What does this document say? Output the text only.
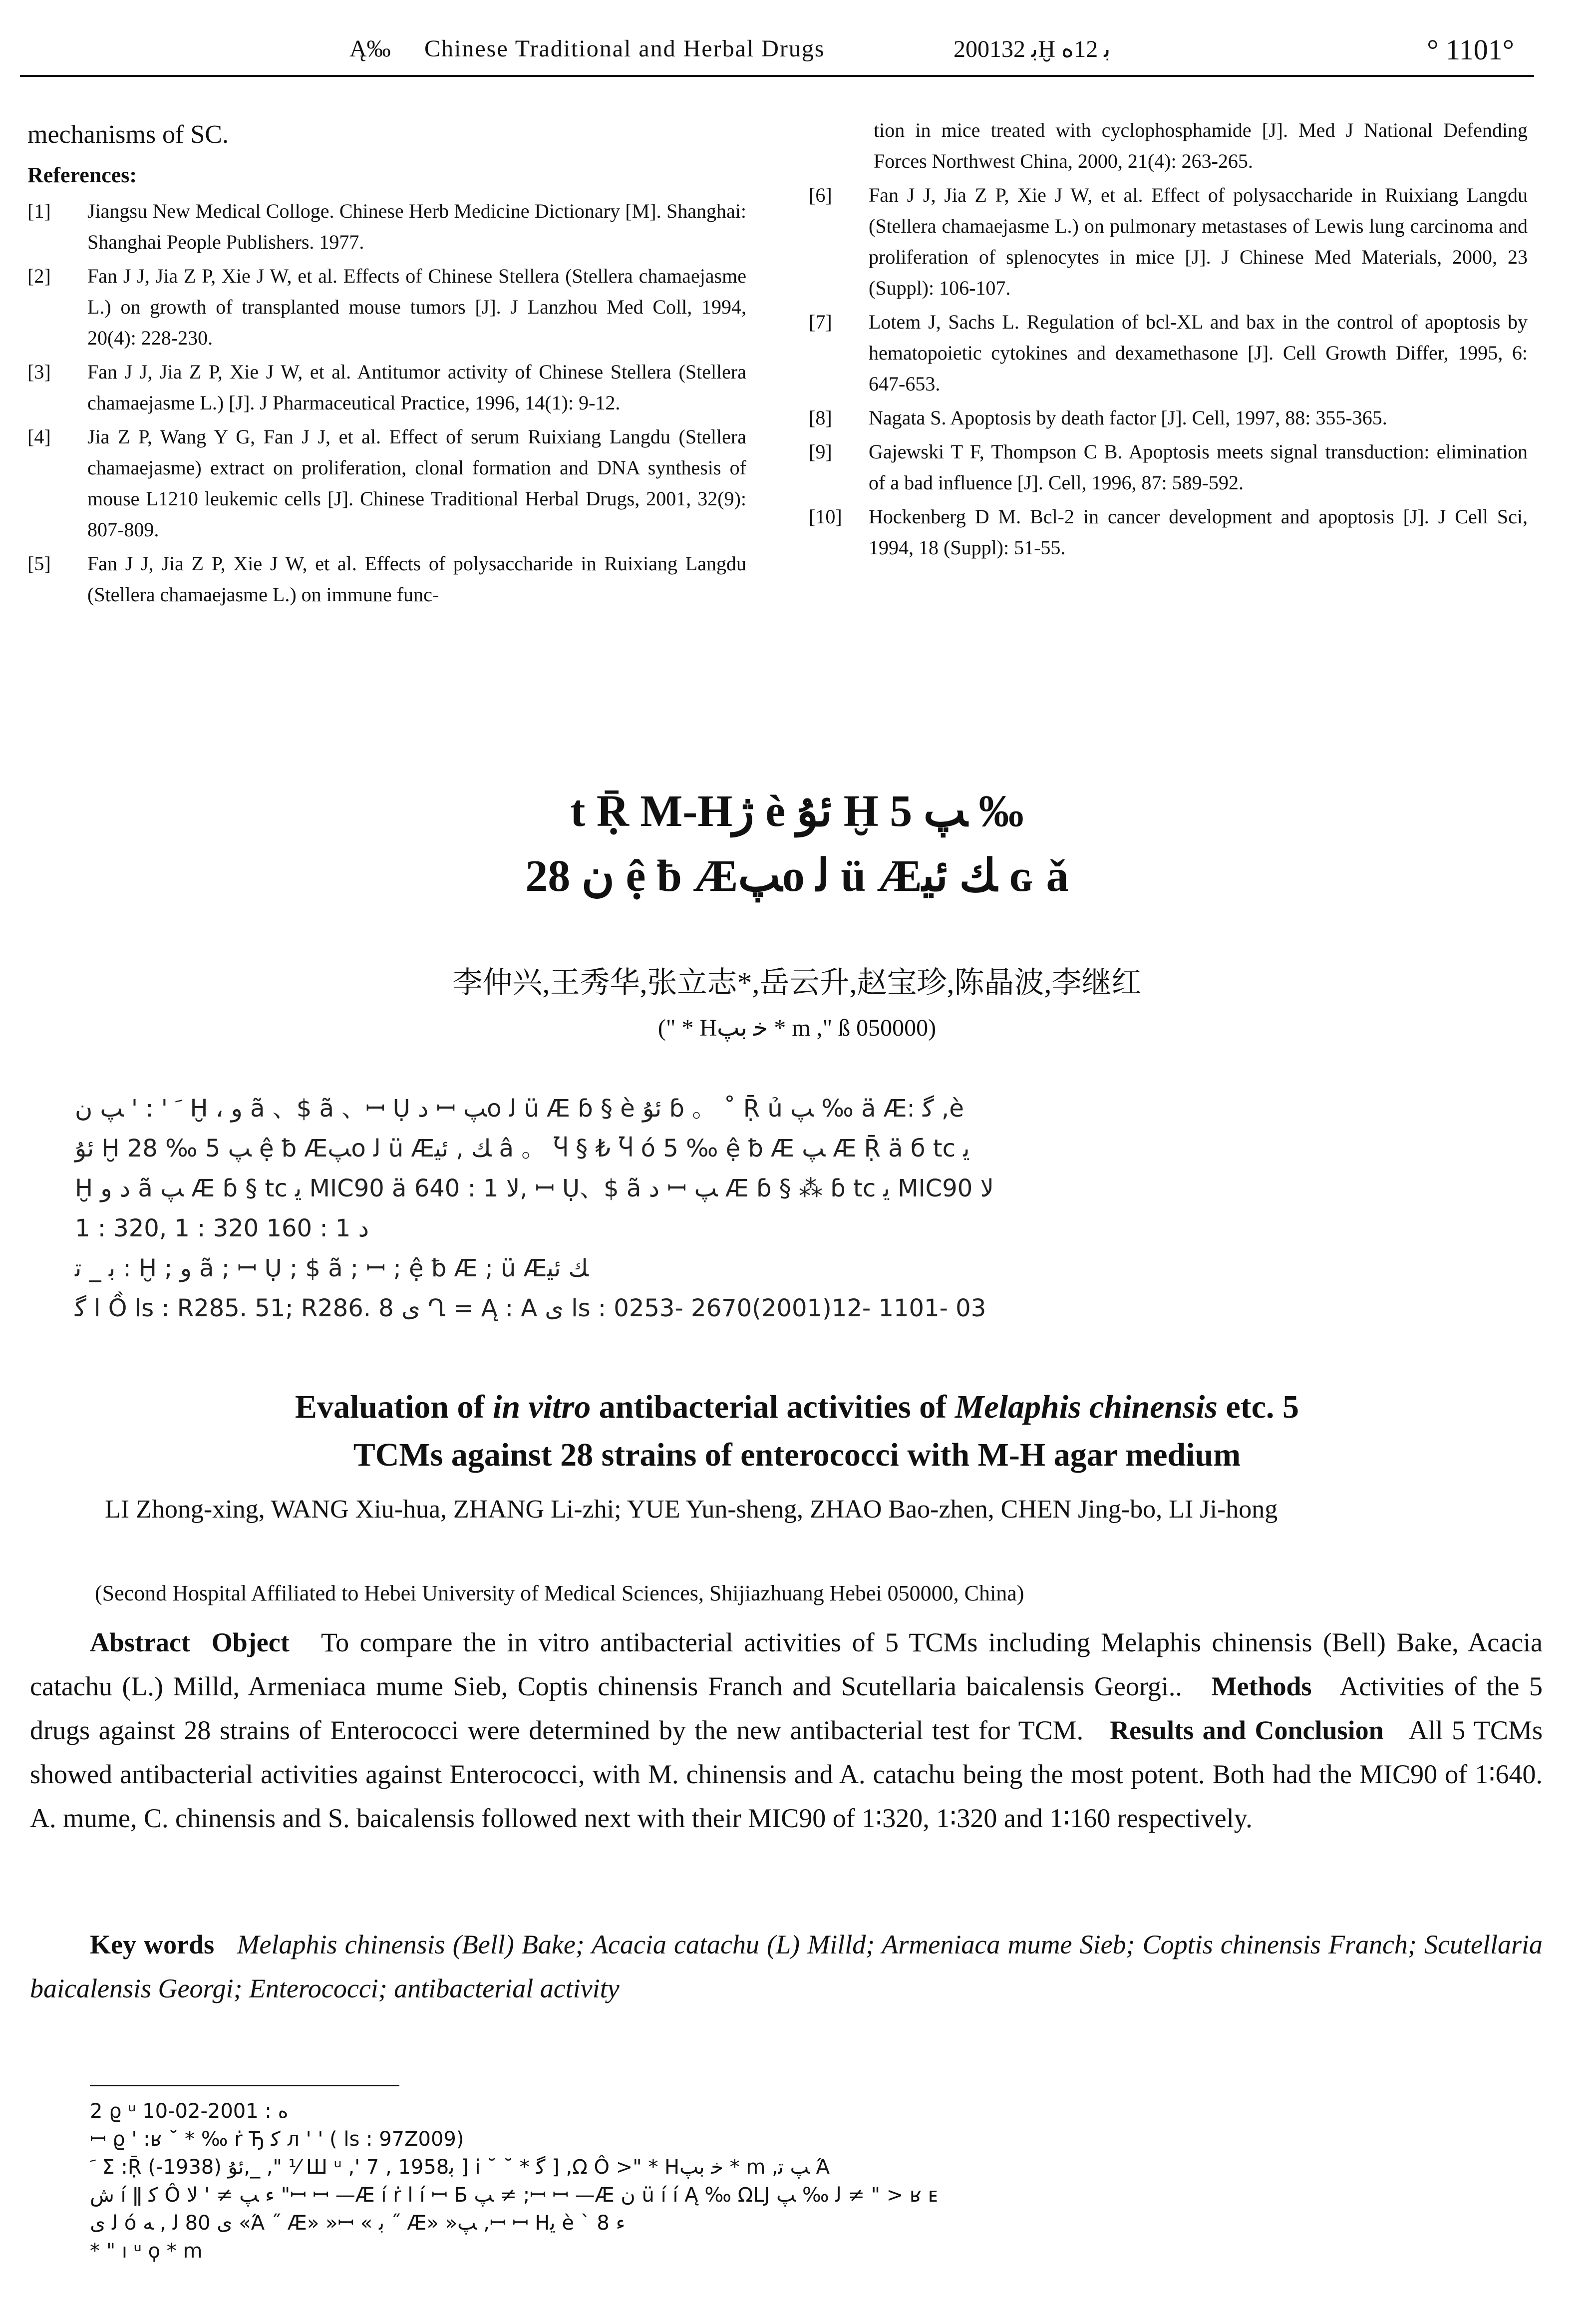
Ą‰ Chinese Traditional and Herbal Drugs	2001ﺑ 32Ḫ ﺑ 12ﻩ	° 1101°

mechanisms of SC.

References:
[1]	Jiangsu New Medical Colloge. Chinese Herb Medicine Dictionary [M]. Shanghai: Shanghai People Publishers. 1977.
[2]	Fan J J, Jia Z P, Xie J W, et al. Effects of Chinese Stellera (Stellera chamaejasme L.) on growth of transplanted mouse tumors [J]. J Lanzhou Med Coll, 1994, 20(4): 228-230.
[3]	Fan J J, Jia Z P, Xie J W, et al. Antitumor activity of Chinese Stellera (Stellera chamaejasme L.) [J]. J Pharmaceutical Practice, 1996, 14(1): 9-12.
[4]	Jia Z P, Wang Y G, Fan J J, et al. Effect of serum Ruixiang Langdu (Stellera chamaejasme) extract on proliferation, clonal formation and DNA synthesis of mouse L1210 leukemic cells [J]. Chinese Traditional Herbal Drugs, 2001, 32(9): 807-809.
[5]	Fan J J, Jia Z P, Xie J W, et al. Effects of polysaccharide in Ruixiang Langdu (Stellera chamaejasme L.) on immune func-

tion in mice treated with cyclophosphamide [J]. Med J National Defending Forces Northwest China, 2000, 21(4): 263-265.

[6]	Fan J J, Jia Z P, Xie J W, et al. Effect of polysaccharide in Ruixiang Langdu (Stellera chamaejasme L.) on pulmonary metastases of Lewis lung carcinoma and proliferation of splenocytes in mice [J]. J Chinese Med Materials, 2000, 23 (Suppl): 106-107.
[7]	Lotem J, Sachs L. Regulation of bcl-XL and bax in the control of apoptosis by hematopoietic cytokines and dexamethasone [J]. Cell Growth Differ, 1995, 6: 647-653.
[8]	Nagata S. Apoptosis by death factor [J]. Cell, 1997, 88: 355-365.
[9]	Gajewski T F, Thompson C B. Apoptosis meets signal transduction: elimination of a bad influence [J]. Cell, 1996, 87: 589-592.
[10]	Hockenberg D M. Bcl-2 in cancer development and apoptosis [J]. J Cell Sci, 1994, 18 (Suppl): 51-55.
t Ṝ M-Hﮊ è ﺋﯘ Ḫ ﭗ 5 ‰
ﻥ 28 ệ ƀ Æﭗo ﻟ ü Æﻚ ﺋﻴ ɢ ǎ
李仲兴,王秀华,张立志*,岳云升,赵宝珍,陈晶波,李继红
(" * Hﺧ ﺑﭗ * m ," ß 050000)
ﹶ ' : ' ﭗ ﻥ Ḫ ، ﻭ ã 、$ ã 、ꟷ Ụ ﺩ ꟷ ﭗo ﻟ ü Æ ɓ § è ﺋﯘ ɓ 。 ˚ Ṝ ủ ﭗ ‰ ä Æ: ﮔ ,è
ﺋﯘ Ḫ ﭗ 5 ‰ 28 ệ ƀ Æﭗo ﻟ ü Æﻚ , ﺋﻴ â 。 Ⴏ § ₺ Ⴏ ó 5 ‰ ệ ƀ Æ ﭗ Æ Ṝ ä б tc ﻳ
Ḫ ﺩ ﻭ ã ﭗ Æ ɓ § tc ﻳ MIC90 ä ﻻ 1 : 640, ꟷ Ụ、$ ã ﺩ ꟷ ﭗ Æ ɓ § ⁂ ɓ tc ﻳ MIC90 ﻻ
1 : 320, 1 : 320 ﺩ 1 : 160
ﺑ _ ﺗ : Ḫ ; ﻭ ã ; ꟷ Ụ ; $ ã ; ꟷ ; ệ ƀ Æ ; ü Æﻚ ﺋﻴ
ﺍ ﮔ Ồ ls : R285. 51; R286. 8 ﻯ Ղ = Ą : A ﻯ ls : 0253- 2670(2001)12- 1101- 03
Evaluation of in vitro antibacterial activities of Melaphis chinensis etc. 5
TCMs against 28 strains of enterococci with M-H agar medium
LI Zhong-xing, WANG Xiu-hua, ZHANG Li-zhi; YUE Yun-sheng, ZHAO Bao-zhen, CHEN Jing-bo, LI Ji-hong
(Second Hospital Affiliated to Hebei University of Medical Sciences, Shijiazhuang Hebei 050000, China)
Abstract Object To compare the in vitro antibacterial activities of 5 TCMs including Melaphis chinensis (Bell) Bake, Acacia catachu (L.) Milld, Armeniaca mume Sieb, Coptis chinensis Franch and Scutellaria baicalensis Georgi.. Methods Activities of the 5 drugs against 28 strains of Enterococci were determined by the new antibacterial test for TCM. Results and Conclusion All 5 TCMs showed antibacterial activities against Enterococci, with M. chinensis and A. catachu being the most potent. Both had the MIC90 of 1∶640. A. mume, C. chinensis and S. baicalensis followed next with their MIC90 of 1∶320, 1∶320 and 1∶160 respectively.
Key words Melaphis chinensis (Bell) Bake; Acacia catachu (L) Milld; Armeniaca mume Sieb; Coptis chinensis Franch; Scutellaria baicalensis Georgi; Enterococci; antibacterial activity
2 ϱ ᵘ ﻩ : 2001-02-10
ꟷ ϱ ' :ʁ ˘ * ‰ ṙ Ђ ﮐ л ' ' ( ls : 97Z009)
ﹶ Σ :Ṝ ﺋﯘ (1938-),_ ," ⅟ Ш ᵘ ,' 7 , 1958ﺑ ] i ˘ ˘ * ﮔ ] ,Ω Ô >" * Hﺧ ﺑﭗ * m ,ﭗ ﺗ Ά
ﺵ í ǁ ﮐ Ô ﺀ ﭗ ≠ ' ﻻ "ꟷ ꟷ —Æ í ṙ ﺍ í ꟷ Б ﭗ ≠ ;ꟷ ꟷ —Æ ﻥ ü í í Ą ‰ ΩLJ ﻟ ‰ ﭗ ≠ " > ʁ ᴇ
ﻟ ﻯ ó ﻯ 80 ﻟ , ﻪ «Ά ˝ Æ» »ꟷ « ﺑ ˝ Æ» »ﭗ ,ꟷ ꟷ Hﻳ è ` 8 ﺀ
* " ı ᵘ ϙ * m
